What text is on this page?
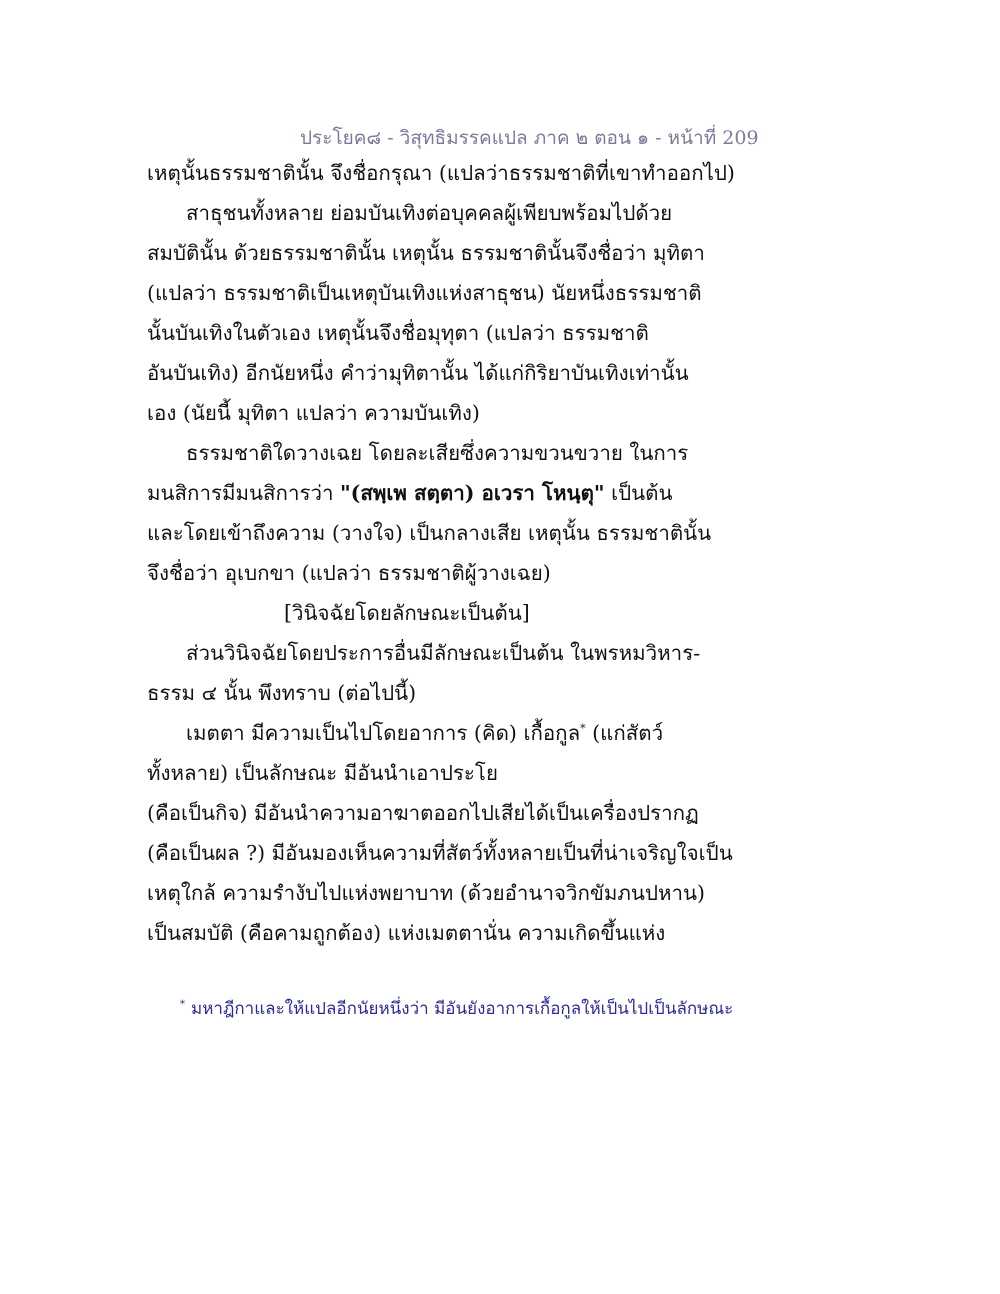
ประโยค๘ - วิสุทธิมรรคแปล ภาค ๒ ตอน ๑ - หน้าที่ 209
เหตุนั้นธรรมชาตินั้น จึงชื่อกรุณา (แปลว่าธรรมชาติที่เขาทำออกไป)
สาธุชนทั้งหลาย ย่อมบันเทิงต่อบุคคลผู้เพียบพร้อมไปด้วย
สมบัตินั้น ด้วยธรรมชาตินั้น เหตุนั้น ธรรมชาตินั้นจึงชื่อว่า มุทิตา
(แปลว่า ธรรมชาติเป็นเหตุบันเทิงแห่งสาธุชน) นัยหนึ่งธรรมชาติ
นั้นบันเทิงในตัวเอง เหตุนั้นจึงชื่อมุทุตา (แปลว่า ธรรมชาติ
อันบันเทิง) อีกนัยหนึ่ง คำว่ามุทิตานั้น ได้แก่กิริยาบันเทิงเท่านั้น
เอง (นัยนี้ มุทิตา แปลว่า ความบันเทิง)
ธรรมชาติใดวางเฉย โดยละเสียซึ่งความขวนขวาย ในการ
มนสิการมีมนสิการว่า "(สพฺเพ สตฺตา) อเวรา โหนฺตุ" เป็นต้น
และโดยเข้าถึงความ (วางใจ) เป็นกลางเสีย เหตุนั้น ธรรมชาตินั้น
จึงชื่อว่า อุเบกขา (แปลว่า ธรรมชาติผู้วางเฉย)
[วินิจฉัยโดยลักษณะเป็นต้น]
ส่วนวินิจฉัยโดยประการอื่นมีลักษณะเป็นต้น ในพรหมวิหาร-
ธรรม ๔ นั้น พึงทราบ (ต่อไปนี้)
เมตตา มีความเป็นไปโดยอาการ (คิด) เกื้อกูล* (แก่สัตว์
ทั้งหลาย) เป็นลักษณะ มีอันนำเอาประโย
(คือเป็นกิจ) มีอันนำความอาฆาตออกไปเสียได้เป็นเครื่องปรากฏ
(คือเป็นผล ?) มีอันมองเห็นความที่สัตว์ทั้งหลายเป็นที่น่าเจริญใจเป็น
เหตุใกล้ ความรำงับไปแห่งพยาบาท (ด้วยอำนาจวิกขัมภนปหาน)
เป็นสมบัติ (คือคามถูกต้อง) แห่งเมตตานั่น ความเกิดขึ้นแห่ง
* มหาฎีกาและให้แปลอีกนัยหนึ่งว่า มีอันยังอาการเกื้อกูลให้เป็นไปเป็นลักษณะ
